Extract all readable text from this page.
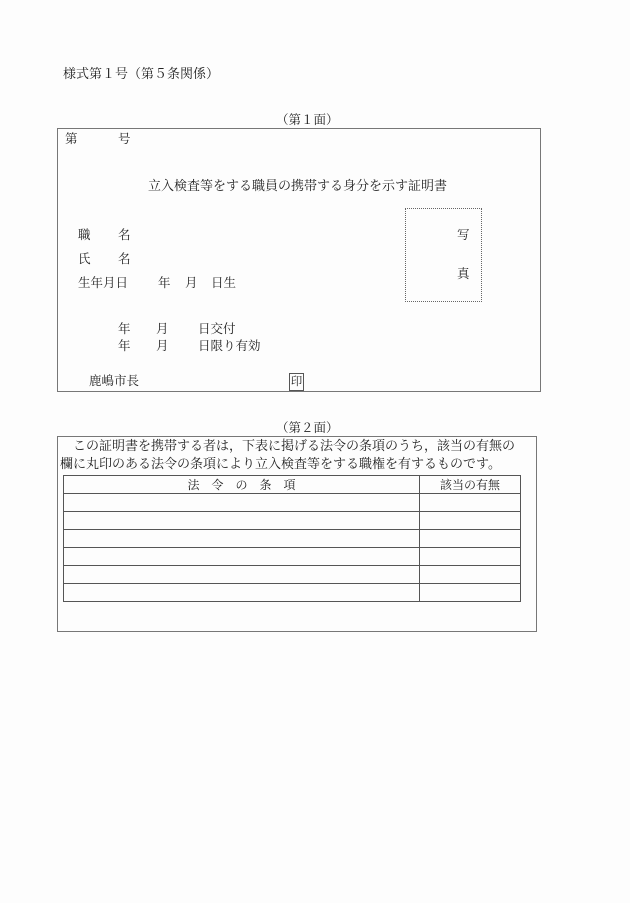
様式第１号（第５条関係）
（第１面）
第	号
立入検査等をする職員の携帯する身分を示す証明書
職 名
氏 名
生年月日 年 月 日生
写
真
年 月 日交付
年 月 日限り有効
鹿嶋市長	印
（第２面）
　この証明書を携帯する者は，下表に掲げる法令の条項のうち，該当の有無の
欄に丸印のある法令の条項により立入検査等をする職権を有するものです。
法　令　の　条　項	該当の有無
